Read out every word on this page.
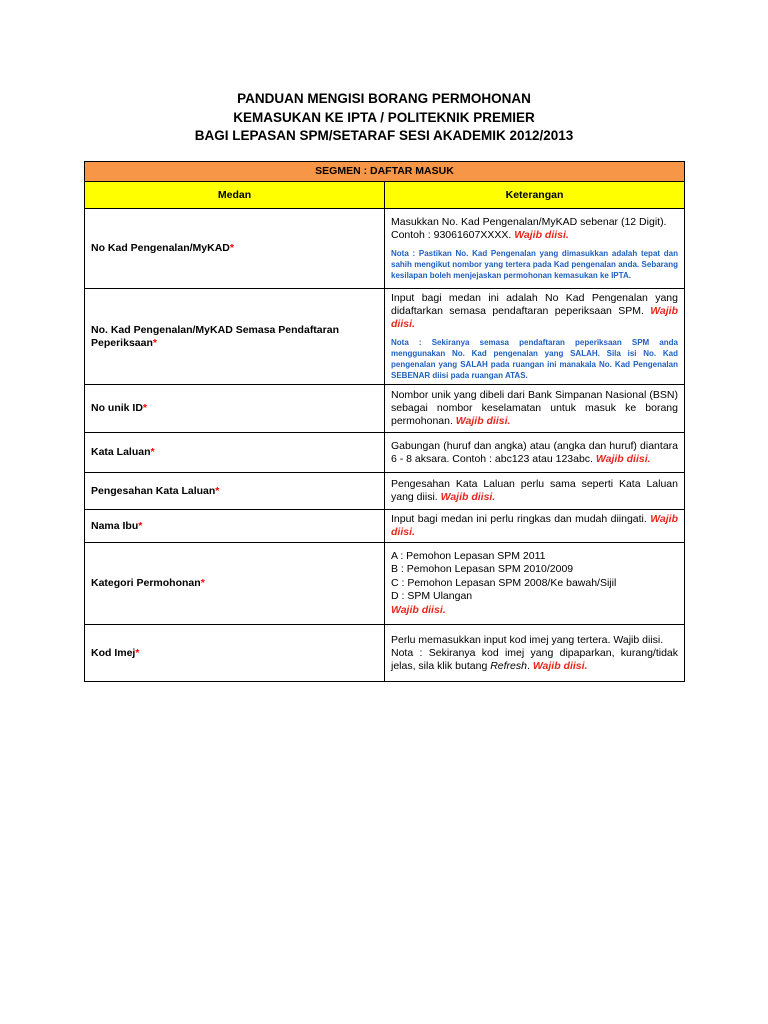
PANDUAN MENGISI BORANG PERMOHONAN
KEMASUKAN KE IPTA / POLITEKNIK PREMIER
BAGI LEPASAN SPM/SETARAF SESI AKADEMIK 2012/2013
SEGMEN : DAFTAR MASUK	
Medan	Keterangan
No Kad Pengenalan/MyKAD*	Masukkan No. Kad Pengenalan/MyKAD sebenar (12 Digit).
Contoh : 93061607XXXX. Wajib diisi.
Nota : Pastikan No. Kad Pengenalan yang dimasukkan adalah tepat dan sahih mengikut nombor yang tertera pada Kad pengenalan anda. Sebarang kesilapan boleh menjejaskan permohonan kemasukan ke IPTA.

No. Kad Pengenalan/MyKAD Semasa Pendaftaran Peperiksaan*	Input bagi medan ini adalah No Kad Pengenalan yang didaftarkan semasa pendaftaran peperiksaan SPM. Wajib diisi.
Nota : Sekiranya semasa pendaftaran peperiksaan SPM anda menggunakan No. Kad pengenalan yang SALAH. Sila isi No. Kad pengenalan yang SALAH pada ruangan ini manakala No. Kad Pengenalan SEBENAR diisi pada ruangan ATAS.

No unik ID*	Nombor unik yang dibeli dari Bank Simpanan Nasional (BSN) sebagai nombor keselamatan untuk masuk ke borang permohonan. Wajib diisi.
Kata Laluan*	Gabungan (huruf dan angka) atau (angka dan huruf) diantara 6 - 8 aksara. Contoh : abc123 atau 123abc. Wajib diisi.
Pengesahan Kata Laluan*	Pengesahan Kata Laluan perlu sama seperti Kata Laluan yang diisi. Wajib diisi.
Nama Ibu*	Input bagi medan ini perlu ringkas dan mudah diingati. Wajib diisi.
Kategori Permohonan*	A : Pemohon Lepasan SPM 2011
B : Pemohon Lepasan SPM 2010/2009
C : Pemohon Lepasan SPM 2008/Ke bawah/Sijil
D : SPM Ulangan
Wajib diisi.

Kod Imej*	Perlu memasukkan input kod imej yang tertera. Wajib diisi.
Nota : Sekiranya kod imej yang dipaparkan, kurang/tidak jelas, sila klik butang Refresh. Wajib diisi.
